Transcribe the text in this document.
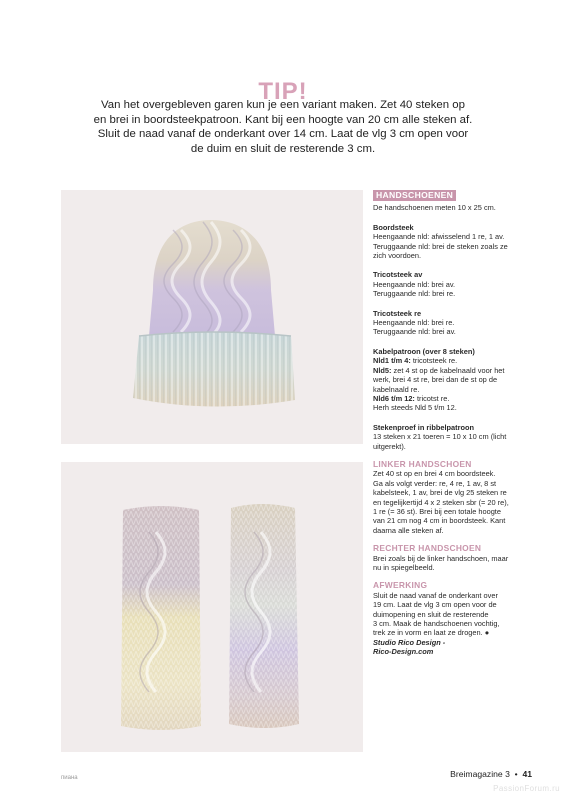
TIP!
Van het overgebleven garen kun je een variant maken. Zet 40 steken op
en brei in boordsteekpatroon. Kant bij een hoogte van 20 cm alle steken af.
Sluit de naad vanaf de onderkant over 14 cm. Laat de vlg 3 cm open voor
de duim en sluit de resterende 3 cm.
HANDSCHOENEN

De handschoenen meten 10 x 25 cm.

Boordsteek

Heengaande nld: afwisselend 1 re, 1 av.

Teruggaande nld: brei de steken zoals ze

zich voordoen.

Tricotsteek av

Heengaande nld: brei av.

Teruggaande nld: brei re.

Tricotsteek re

Heengaande nld: brei re.

Teruggaande nld: brei av.

Kabelpatroon (over 8 steken)

Nld1 t/m 4: tricotsteek re.

Nld5: zet 4 st op de kabelnaald voor het

werk, brei 4 st re, brei dan de st op de

kabelnaald re.

Nld6 t/m 12: tricotst re.

Herh steeds Nld 5 t/m 12.

Stekenproef in ribbelpatroon

13 steken x 21 toeren = 10 x 10 cm (licht

uitgerekt).

LINKER HANDSCHOEN

Zet 40 st op en brei 4 cm boordsteek.

Ga als volgt verder: re, 4 re, 1 av, 8 st

kabelsteek, 1 av, brei de vlg 25 steken re

en tegelijkertijd 4 x 2 steken sbr (= 20 re),

1 re (= 36 st). Brei bij een totale hoogte

van 21 cm nog 4 cm in boordsteek. Kant

daarna alle steken af.

RECHTER HANDSCHOEN

Brei zoals bij de linker handschoen, maar

nu in spiegelbeeld.

AFWERKING

Sluit de naad vanaf de onderkant over

19 cm. Laat de vlg 3 cm open voor de

duimopening en sluit de resterende

3 cm. Maak de handschoenen vochtig,

trek ze in vorm en laat ze drogen. ●

Studio Rico Design -

Rico-Design.com

пиана	Breimagazine 3  •  41
PassionForum.ru
